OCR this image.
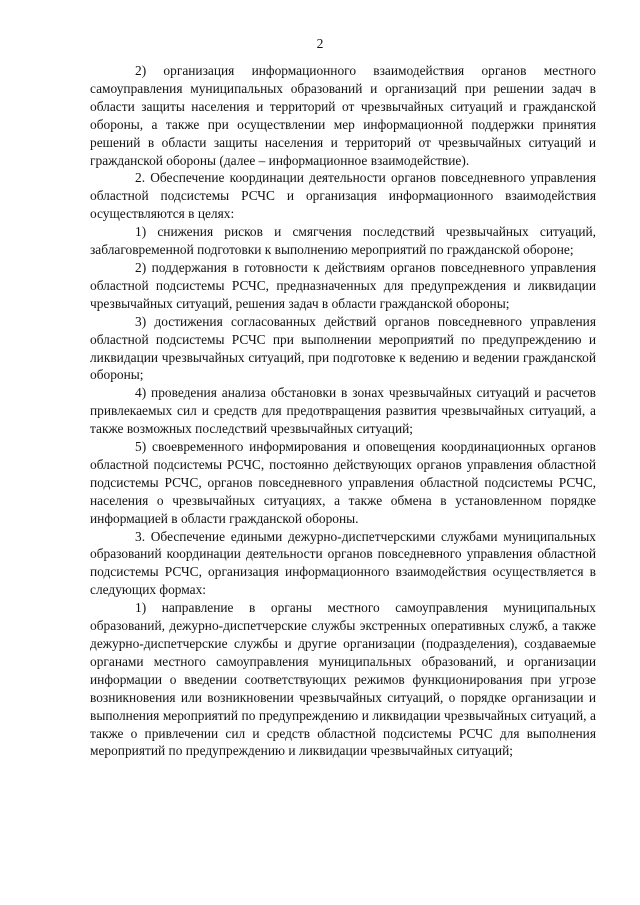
2

2) организация информационного взаимодействия органов местного самоуправления муниципальных образований и организаций при решении задач в области защиты населения и территорий от чрезвычайных ситуаций и гражданской обороны, а также при осуществлении мер информационной поддержки принятия решений в области защиты населения и территорий от чрезвычайных ситуаций и гражданской обороны (далее – информационное взаимодействие).

2. Обеспечение координации деятельности органов повседневного управления областной подсистемы РСЧС и организация информационного взаимодействия осуществляются в целях:

1) снижения рисков и смягчения последствий чрезвычайных ситуаций, заблаговременной подготовки к выполнению мероприятий по гражданской обороне;

2) поддержания в готовности к действиям органов повседневного управления областной подсистемы РСЧС, предназначенных для предупреждения и ликвидации чрезвычайных ситуаций, решения задач в области гражданской обороны;

3) достижения согласованных действий органов повседневного управления областной подсистемы РСЧС при выполнении мероприятий по предупреждению и ликвидации чрезвычайных ситуаций, при подготовке к ведению и ведении гражданской обороны;

4) проведения анализа обстановки в зонах чрезвычайных ситуаций и расчетов привлекаемых сил и средств для предотвращения развития чрезвычайных ситуаций, а также возможных последствий чрезвычайных ситуаций;

5) своевременного информирования и оповещения координационных органов областной подсистемы РСЧС, постоянно действующих органов управления областной подсистемы РСЧС, органов повседневного управления областной подсистемы РСЧС, населения о чрезвычайных ситуациях, а также обмена в установленном порядке информацией в области гражданской обороны.

3. Обеспечение едиными дежурно-диспетчерскими службами муниципальных образований координации деятельности органов повседневного управления областной подсистемы РСЧС, организация информационного взаимодействия осуществляется в следующих формах:

1) направление в органы местного самоуправления муниципальных образований, дежурно-диспетчерские службы экстренных оперативных служб, а также дежурно-диспетчерские службы и другие организации (подразделения), создаваемые органами местного самоуправления муниципальных образований, и организации информации о введении соответствующих режимов функционирования при угрозе возникновения или возникновении чрезвычайных ситуаций, о порядке организации и выполнения мероприятий по предупреждению и ликвидации чрезвычайных ситуаций, а также о привлечении сил и средств областной подсистемы РСЧС для выполнения мероприятий по предупреждению и ликвидации чрезвычайных ситуаций;
